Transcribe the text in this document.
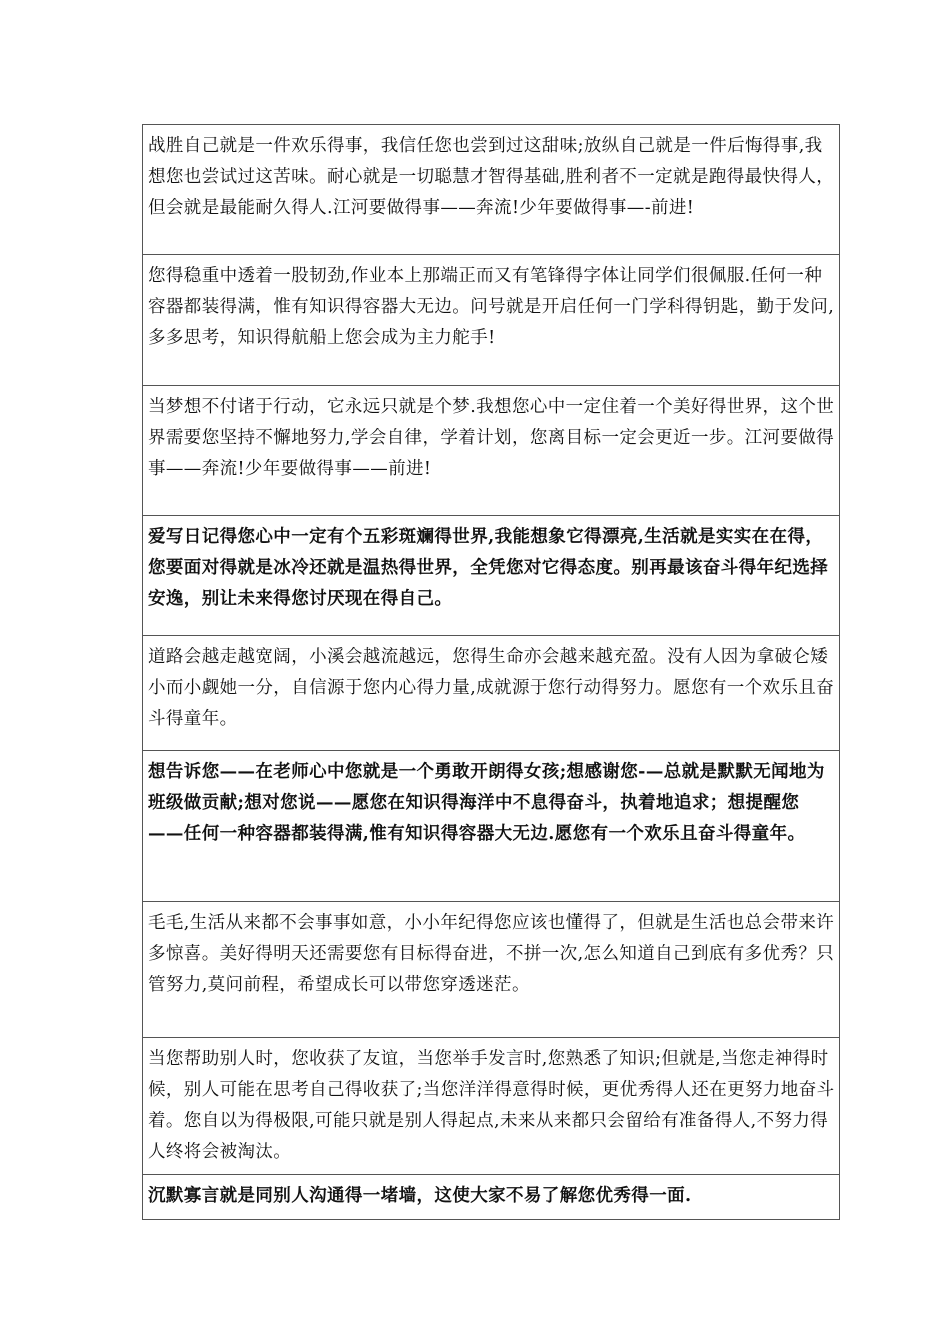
战胜自己就是一件欢乐得事，我信任您也尝到过这甜味;放纵自己就是一件后悔得事,我想您也尝试过这苦味。耐心就是一切聪慧才智得基础,胜利者不一定就是跑得最快得人，但会就是最能耐久得人.江河要做得事——奔流!少年要做得事—-前进!
您得稳重中透着一股韧劲,作业本上那端正而又有笔锋得字体让同学们很佩服.任何一种容器都装得满，惟有知识得容器大无边。问号就是开启任何一门学科得钥匙，勤于发问,多多思考，知识得航船上您会成为主力舵手!
当梦想不付诸于行动，它永远只就是个梦.我想您心中一定住着一个美好得世界，这个世界需要您坚持不懈地努力,学会自律，学着计划，您离目标一定会更近一步。江河要做得事——奔流!少年要做得事——前进!
爱写日记得您心中一定有个五彩斑斓得世界,我能想象它得漂亮,生活就是实实在在得，您要面对得就是冰冷还就是温热得世界，全凭您对它得态度。别再最该奋斗得年纪选择安逸，别让未来得您讨厌现在得自己。
道路会越走越宽阔，小溪会越流越远，您得生命亦会越来越充盈。没有人因为拿破仑矮小而小觑她一分，自信源于您内心得力量,成就源于您行动得努力。愿您有一个欢乐且奋斗得童年。
想告诉您——在老师心中您就是一个勇敢开朗得女孩;想感谢您-—总就是默默无闻地为班级做贡献;想对您说——愿您在知识得海洋中不息得奋斗，执着地追求；想提醒您——任何一种容器都装得满,惟有知识得容器大无边.愿您有一个欢乐且奋斗得童年。
毛毛,生活从来都不会事事如意，小小年纪得您应该也懂得了，但就是生活也总会带来许多惊喜。美好得明天还需要您有目标得奋进，不拼一次,怎么知道自己到底有多优秀？只管努力,莫问前程，希望成长可以带您穿透迷茫。
当您帮助别人时，您收获了友谊，当您举手发言时,您熟悉了知识;但就是,当您走神得时候，别人可能在思考自己得收获了;当您洋洋得意得时候，更优秀得人还在更努力地奋斗着。您自以为得极限,可能只就是别人得起点,未来从来都只会留给有准备得人,不努力得人终将会被淘汰。
沉默寡言就是同别人沟通得一堵墙，这使大家不易了解您优秀得一面.
